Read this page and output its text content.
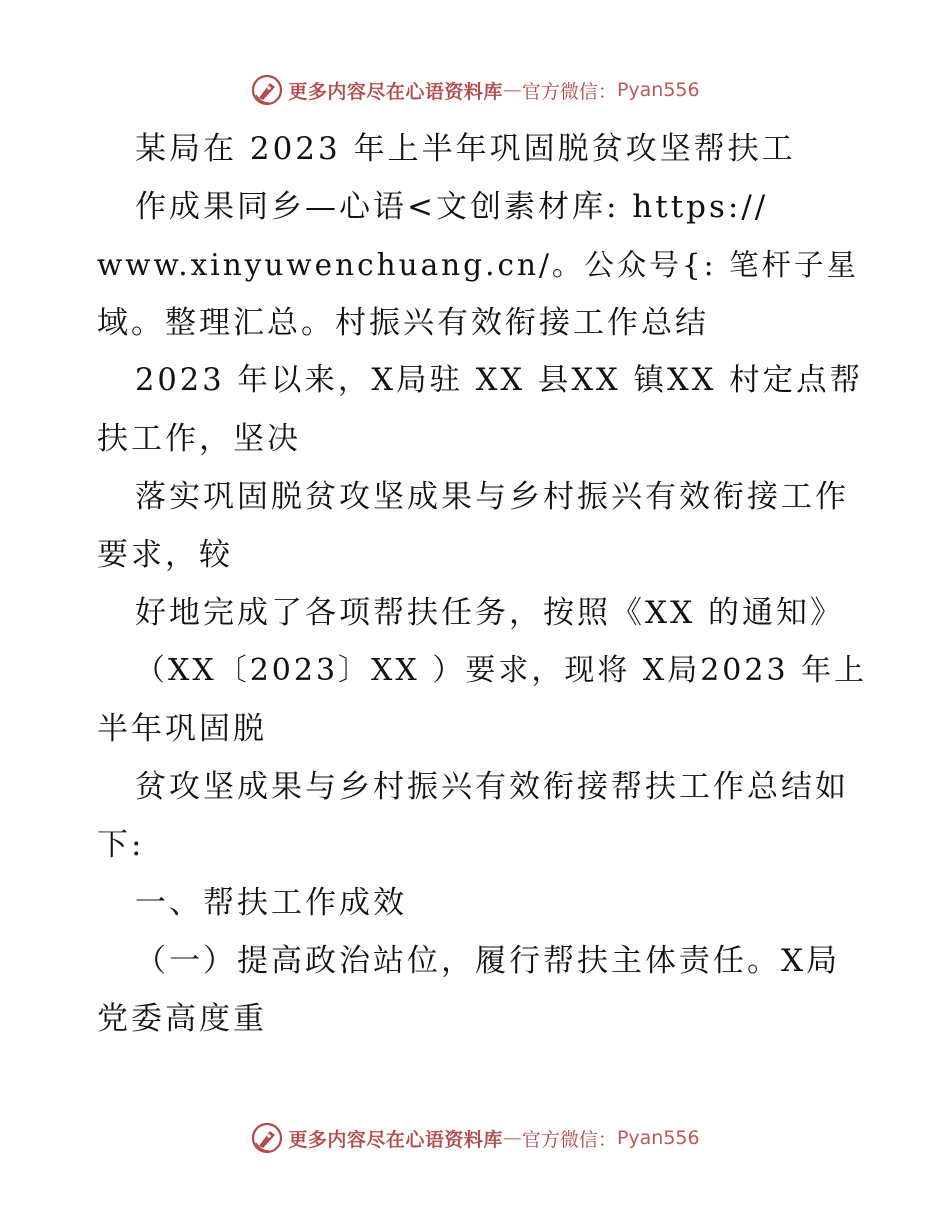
更多内容尽在心语资料库 — 官方微信： Pyan556
某局在 2023 年上半年巩固脱贫攻坚帮扶工
作成果同乡—心语<文创素材库: https://
www.xinyuwenchuang.cn/。公众号{: 笔杆子星
域。整理汇总。村振兴有效衔接工作总结
2023 年以来，X局驻 XX 县XX 镇XX 村定点帮
扶工作，坚决
落实巩固脱贫攻坚成果与乡村振兴有效衔接工作
要求，较
好地完成了各项帮扶任务，按照《XX 的通知》
（XX〔2023〕XX ）要求，现将 X局2023 年上
半年巩固脱
贫攻坚成果与乡村振兴有效衔接帮扶工作总结如
下:
一、帮扶工作成效
（一）提高政治站位，履行帮扶主体责任。X局
党委高度重
更多内容尽在心语资料库 — 官方微信： Pyan556
